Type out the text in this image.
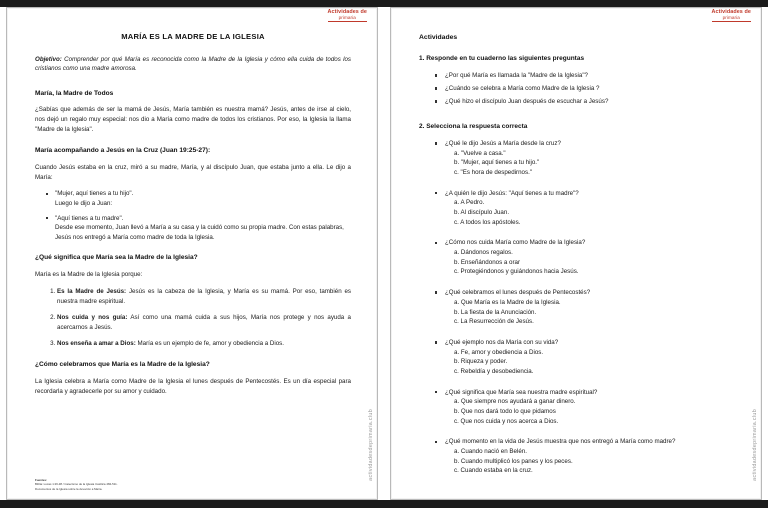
Actividades de
primaria
actividadesdeprimaria.club
MARÍA ES LA MADRE DE LA IGLESIA

Objetivo: Comprender por qué María es reconocida como la Madre de la Iglesia y cómo ella cuida de todos los cristianos como una madre amorosa.

María, la Madre de Todos

¿Sabías que además de ser la mamá de Jesús, María también es nuestra mamá? Jesús, antes de irse al cielo, nos dejó un regalo muy especial: nos dio a María como madre de todos los cristianos. Por eso, la Iglesia la llama "Madre de la Iglesia".

María acompañando a Jesús en la Cruz (Juan 19:25-27):

Cuando Jesús estaba en la cruz, miró a su madre, María, y al discípulo Juan, que estaba junto a ella. Le dijo a María:

"Mujer, aquí tienes a tu hijo".
Luego le dijo a Juan:
"Aquí tienes a tu madre".
Desde ese momento, Juan llevó a María a su casa y la cuidó como su propia madre. Con estas palabras, Jesús nos entregó a María como madre de toda la Iglesia.
¿Qué significa que María sea la Madre de la Iglesia?

María es la Madre de la Iglesia porque:

1. Es la Madre de Jesús: Jesús es la cabeza de la Iglesia, y María es su mamá. Por eso, también es nuestra madre espiritual.
2. Nos cuida y nos guía: Así como una mamá cuida a sus hijos, María nos protege y nos ayuda a acercarnos a Jesús.
3. Nos enseña a amar a Dios: María es un ejemplo de fe, amor y obediencia a Dios.
¿Cómo celebramos que María es la Madre de la Iglesia?

La Iglesia celebra a María como Madre de la Iglesia el lunes después de Pentecostés. Es un día especial para recordarla y agradecerle por su amor y cuidado.

Fuentes:
Biblia: Lucas 1:26-38 / Catecismo de la Iglesia Católica 484-511.
Documentos de la Iglesia sobre la devoción a María.
Actividades de
primaria
actividadesdeprimaria.club
Actividades
1. Responde en tu cuaderno las siguientes preguntas
¿Por qué María es llamada la "Madre de la Iglesia"?
¿Cuándo se celebra a María como Madre de la Iglesia ?
¿Qué hizo el discípulo Juan después de escuchar a Jesús?
2. Selecciona la respuesta correcta
¿Qué le dijo Jesús a María desde la cruz?
a. "Vuelve a casa."
b. "Mujer, aquí tienes a tu hijo."
c. "Es hora de despedirnos."
¿A quién le dijo Jesús: "Aquí tienes a tu madre"?
a. A Pedro.
b. Al discípulo Juan.
c. A todos los apóstoles.
¿Cómo nos cuida María como Madre de la Iglesia?
a. Dándonos regalos.
b. Enseñándonos a orar
c. Protegiéndonos y guiándonos hacia Jesús.
¿Qué celebramos el lunes después de Pentecostés?
a. Que María es la Madre de la Iglesia.
b. La fiesta de la Anunciación.
c. La Resurrección de Jesús.
¿Qué ejemplo nos da María con su vida?
a. Fe, amor y obediencia a Dios.
b. Riqueza y poder.
c. Rebeldía y desobediencia.
¿Qué significa que María sea nuestra madre espiritual?
a. Que siempre nos ayudará a ganar dinero.
b. Que nos dará todo lo que pidamos
c. Que nos cuida y nos acerca a Dios.
¿Qué momento en la vida de Jesús muestra que nos entregó a María como madre?
a. Cuando nació en Belén.
b. Cuando multiplicó los panes y los peces.
c. Cuando estaba en la cruz.
